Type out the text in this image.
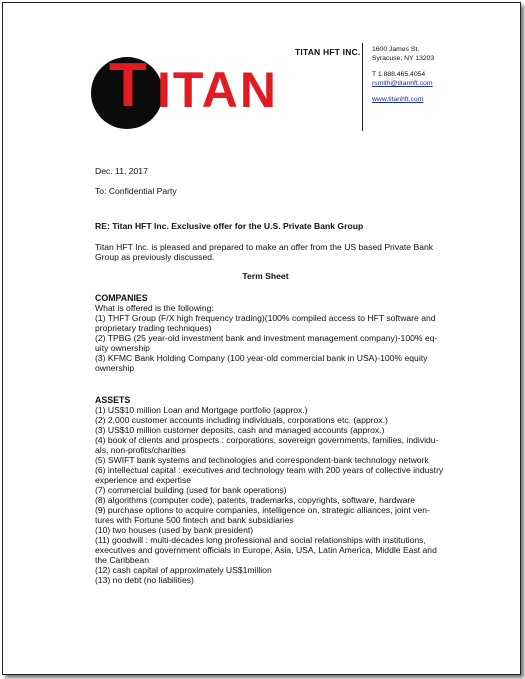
T ITAN
TITAN HFT INC. 1600 James St.
Syracuse, NY 13203
T 1.888.465.4054
rsmith@titanhft.com
www.titanhft.com
Dec. 11, 2017
To: Confidential Party
RE: Titan HFT Inc. Exclusive offer for the U.S. Private Bank Group
Titan HFT Inc. is pleased and prepared to make an offer from the US based Private Bank
Group as previously discussed.
Term Sheet
COMPANIES
What is offered is the following:
(1) THFT Group (F/X high frequency trading)(100% compiled access to HFT software and
proprietary trading techniques)
(2) TPBG (25 year-old investment bank and investment management company)-100% eq-
uity ownership
(3) KFMC Bank Holding Company (100 year-old commercial bank in USA)-100% equity
ownership
ASSETS
(1) US$10 million Loan and Mortgage portfolio (approx.)
(2) 2,000 customer accounts including individuals, corporations etc. (approx.)
(3) US$10 million customer deposits, cash and managed accounts (approx.)
(4) book of clients and prospects : corporations, sovereign governments, families, individu-
als, non-profits/charities
(5) SWIFT bank systems and technologies and correspondent-bank technology network
(6) intellectual capital : executives and technology team with 200 years of collective industry
experience and expertise
(7) commercial building (used for bank operations)
(8) algorithms (computer code), patents, trademarks, copyrights, software, hardware
(9) purchase options to acquire companies, intelligence on, strategic alliances, joint ven-
tures with Fortune 500 fintech and bank subsidiaries
(10) two houses (used by bank president)
(11) goodwill : multi-decades long professional and social relationships with institutions,
executives and government officials in Europe, Asia, USA, Latin America, Middle East and
the Caribbean
(12) cash capital of approximately US$1million
(13) no debt (no liabilities)
